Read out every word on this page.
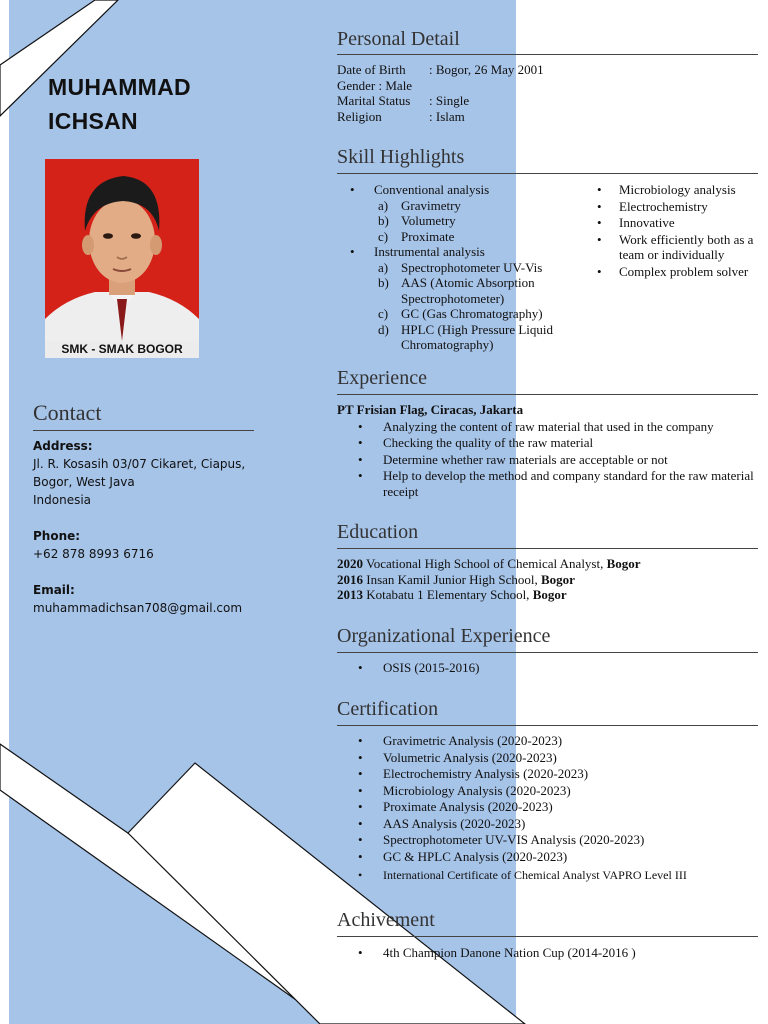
MUHAMMAD
ICHSAN
SMK - SMAK BOGOR
Contact
Address:
Jl. R. Kosasih 03/07 Cikaret, Ciapus,
Bogor, West Java
Indonesia
Phone:
+62 878 8993 6716
Email:
muhammadichsan708@gmail.com
Personal Detail
Date of Birth : Bogor, 26 May 2001
Gender : Male
Marital Status : Single
Religion	: Islam
Skill Highlights
• Conventional analysis
a) Gravimetry
b) Volumetry
c) Proximate
• Instrumental analysis
a) Spectrophotometer UV-Vis
b) AAS (Atomic Absorption Spectrophotometer)
c) GC (Gas Chromatography)
d) HPLC (High Pressure Liquid Chromatography)
• Microbiology analysis
• Electrochemistry
• Innovative
• Work efficiently both as a team or individually
• Complex problem solver
Experience
PT Frisian Flag, Ciracas, Jakarta
• Analyzing the content of raw material that used in the company
• Checking the quality of the raw material
• Determine whether raw materials are acceptable or not
• Help to develop the method and company standard for the raw material receipt
Education
2020 Vocational High School of Chemical Analyst, Bogor
2016 Insan Kamil Junior High School, Bogor
2013 Kotabatu 1 Elementary School, Bogor
Organizational Experience
• OSIS (2015-2016)
Certification
• Gravimetric Analysis (2020-2023)
• Volumetric Analysis (2020-2023)
• Electrochemistry Analysis (2020-2023)
• Microbiology Analysis (2020-2023)
• Proximate Analysis (2020-2023)
• AAS Analysis (2020-2023)
• Spectrophotometer UV-VIS Analysis (2020-2023)
• GC & HPLC Analysis (2020-2023)
• International Certificate of Chemical Analyst VAPRO Level III
Achivement
• 4th Champion Danone Nation Cup (2014-2016 )
